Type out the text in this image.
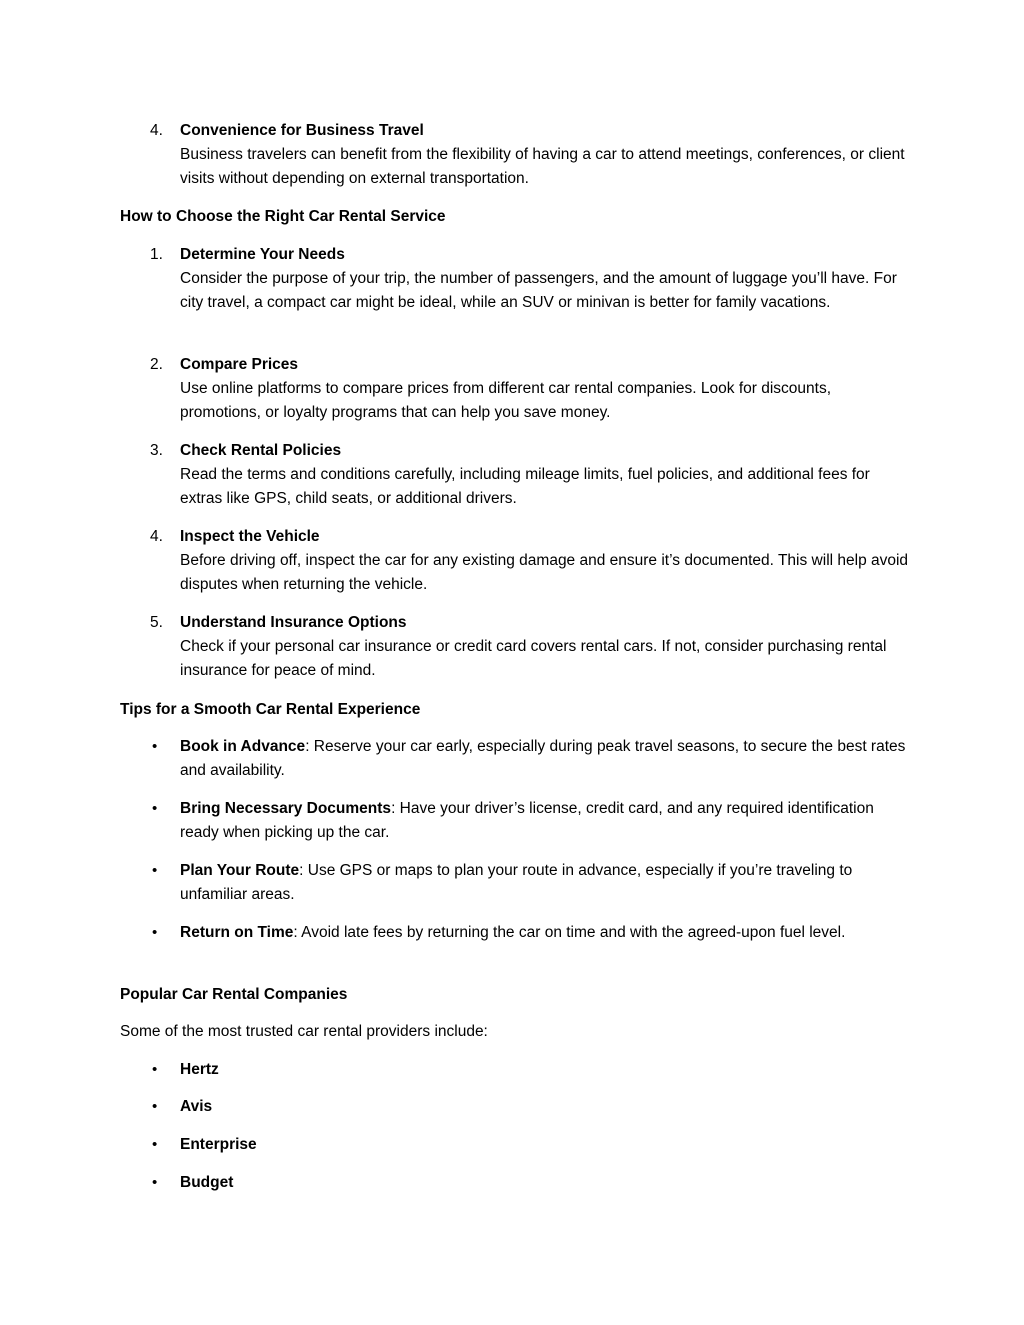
4.	Convenience for Business Travel
Business travelers can benefit from the flexibility of having a car to attend meetings, conferences, or client visits without depending on external transportation.
How to Choose the Right Car Rental Service
1.	Determine Your Needs
Consider the purpose of your trip, the number of passengers, and the amount of luggage you’ll have. For city travel, a compact car might be ideal, while an SUV or minivan is better for family vacations.
2.	Compare Prices
Use online platforms to compare prices from different car rental companies. Look for discounts, promotions, or loyalty programs that can help you save money.
3.	Check Rental Policies
Read the terms and conditions carefully, including mileage limits, fuel policies, and additional fees for extras like GPS, child seats, or additional drivers.
4.	Inspect the Vehicle
Before driving off, inspect the car for any existing damage and ensure it’s documented. This will help avoid disputes when returning the vehicle.
5.	Understand Insurance Options
Check if your personal car insurance or credit card covers rental cars. If not, consider purchasing rental insurance for peace of mind.
Tips for a Smooth Car Rental Experience
• Book in Advance: Reserve your car early, especially during peak travel seasons, to secure the best rates and availability.
• Bring Necessary Documents: Have your driver’s license, credit card, and any required identification ready when picking up the car.
• Plan Your Route: Use GPS or maps to plan your route in advance, especially if you’re traveling to unfamiliar areas.
• Return on Time: Avoid late fees by returning the car on time and with the agreed-upon fuel level.
Popular Car Rental Companies
Some of the most trusted car rental providers include:
• Hertz
• Avis
• Enterprise
• Budget
